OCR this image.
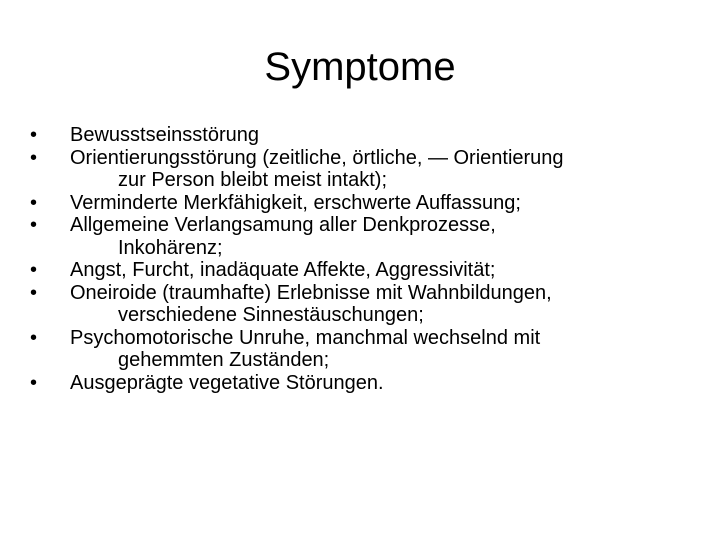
Symptome
•	Bewusstseinsstörung
•	Orientierungsstörung (zeitliche, örtliche, — Orientierung
zur Person bleibt meist intakt);
•	Verminderte Merkfähigkeit, erschwerte Auffassung;
•	Allgemeine Verlangsamung aller Denkprozesse,
Inkohärenz;
•	Angst, Furcht, inadäquate Affekte, Aggressivität;
•	Oneiroide (traumhafte) Erlebnisse mit Wahnbildungen,
verschiedene Sinnestäuschungen;
•	Psychomotorische Unruhe, manchmal wechselnd mit
gehemmten Zuständen;
•	Ausgeprägte vegetative Störungen.
